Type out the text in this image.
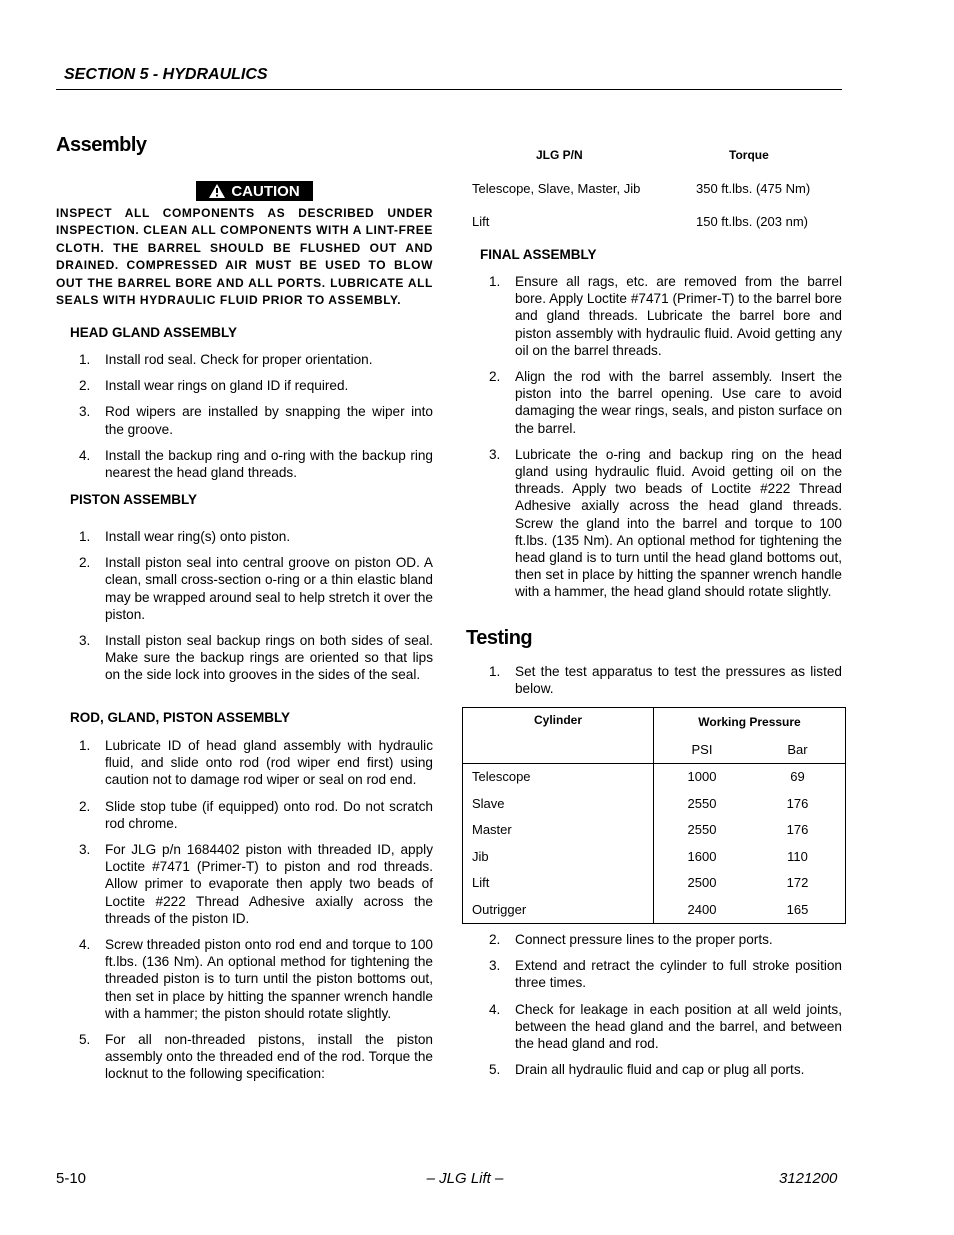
SECTION 5 - HYDRAULICS
Assembly
CAUTION
INSPECT ALL COMPONENTS AS DESCRIBED UNDER INSPECTION. CLEAN ALL COMPONENTS WITH A LINT-FREE CLOTH. THE BARREL SHOULD BE FLUSHED OUT AND DRAINED. COMPRESSED AIR MUST BE USED TO BLOW OUT THE BARREL BORE AND ALL PORTS. LUBRICATE ALL SEALS WITH HYDRAULIC FLUID PRIOR TO ASSEMBLY.
HEAD GLAND ASSEMBLY
1. Install rod seal. Check for proper orientation.
2. Install wear rings on gland ID if required.
3. Rod wipers are installed by snapping the wiper into the groove.
4. Install the backup ring and o-ring with the backup ring nearest the head gland threads.
PISTON ASSEMBLY
1. Install wear ring(s) onto piston.
2. Install piston seal into central groove on piston OD. A clean, small cross-section o-ring or a thin elastic bland may be wrapped around seal to help stretch it over the piston.
3. Install piston seal backup rings on both sides of seal. Make sure the backup rings are oriented so that lips on the side lock into grooves in the sides of the seal.
ROD, GLAND, PISTON ASSEMBLY
1. Lubricate ID of head gland assembly with hydraulic fluid, and slide onto rod (rod wiper end first) using caution not to damage rod wiper or seal on rod end.
2. Slide stop tube (if equipped) onto rod. Do not scratch rod chrome.
3. For JLG p/n 1684402 piston with threaded ID, apply Loctite #7471 (Primer-T) to piston and rod threads. Allow primer to evaporate then apply two beads of Loctite #222 Thread Adhesive axially across the threads of the piston ID.
4. Screw threaded piston onto rod end and torque to 100 ft.lbs. (136 Nm). An optional method for tightening the threaded piston is to turn until the piston bottoms out, then set in place by hitting the spanner wrench handle with a hammer; the piston should rotate slightly.
5. For all non-threaded pistons, install the piston assembly onto the threaded end of the rod. Torque the locknut to the following specification:
JLG P/N	Torque
Telescope, Slave, Master, Jib	350 ft.lbs. (475 Nm)
Lift	150 ft.lbs. (203 nm)
FINAL ASSEMBLY
1. Ensure all rags, etc. are removed from the barrel bore. Apply Loctite #7471 (Primer-T) to the barrel bore and gland threads. Lubricate the barrel bore and piston assembly with hydraulic fluid. Avoid getting any oil on the barrel threads.
2. Align the rod with the barrel assembly. Insert the piston into the barrel opening. Use care to avoid damaging the wear rings, seals, and piston surface on the barrel.
3. Lubricate the o-ring and backup ring on the head gland using hydraulic fluid. Avoid getting oil on the threads. Apply two beads of Loctite #222 Thread Adhesive axially across the head gland threads. Screw the gland into the barrel and torque to 100 ft.lbs. (135 Nm). An optional method for tightening the head gland is to turn until the head gland bottoms out, then set in place by hitting the spanner wrench handle with a hammer, the head gland should rotate slightly.
Testing
1. Set the test apparatus to test the pressures as listed below.
Cylinder	Working Pressure	
	PSI	Bar
Telescope	1000	69
Slave	2550	176
Master	2550	176
Jib	1600	110
Lift	2500	172
Outrigger	2400	165
2. Connect pressure lines to the proper ports.
3. Extend and retract the cylinder to full stroke position three times.
4. Check for leakage in each position at all weld joints, between the head gland and the barrel, and between the head gland and rod.
5. Drain all hydraulic fluid and cap or plug all ports.
5-10	– JLG Lift –	3121200
